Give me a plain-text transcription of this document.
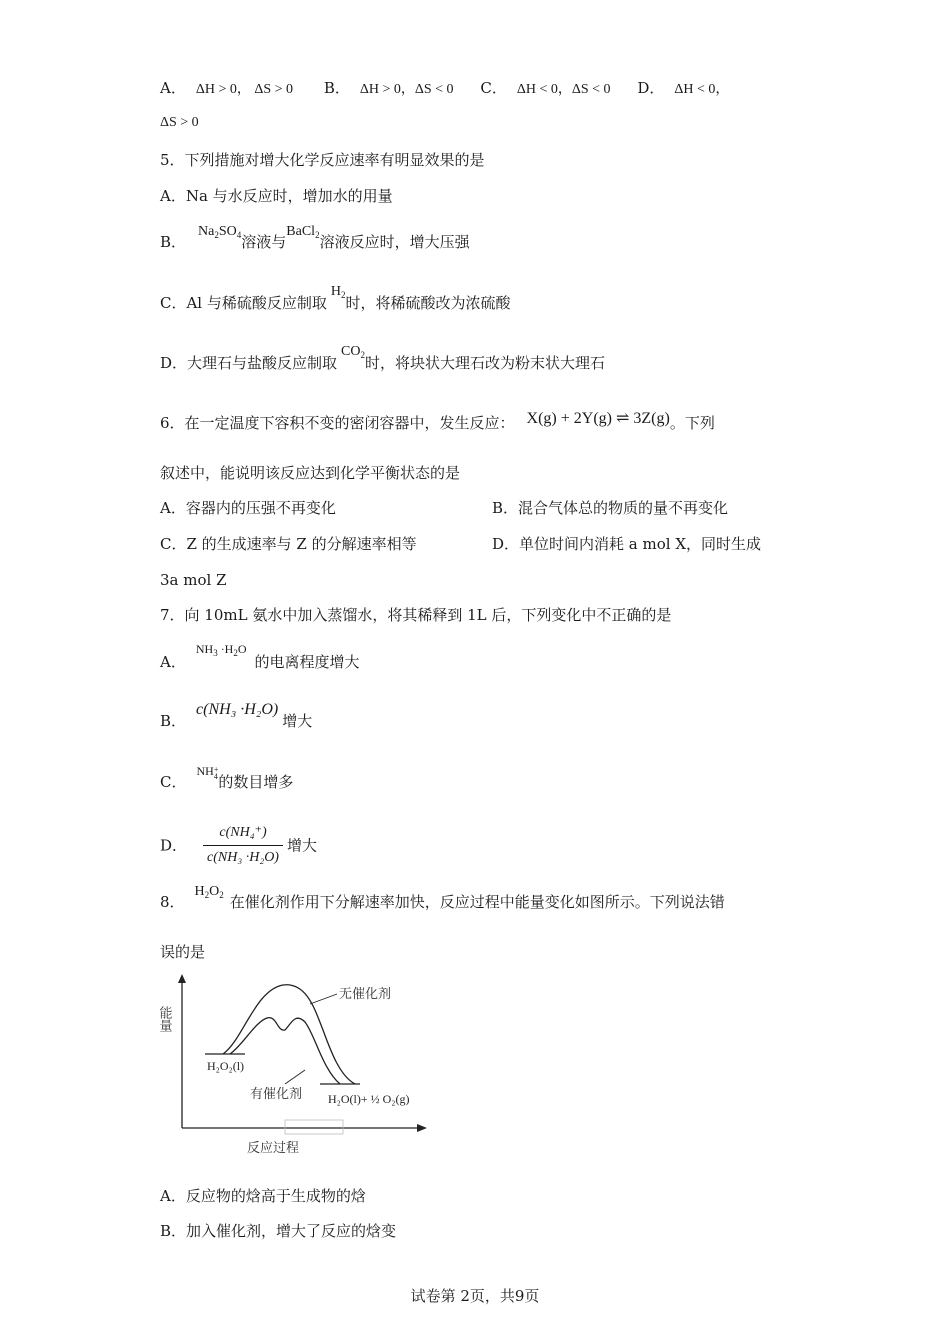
A． ΔH > 0， ΔS > 0 B． ΔH > 0，ΔS < 0 C． ΔH < 0，ΔS < 0 D． ΔH < 0，
ΔS > 0
5．下列措施对增大化学反应速率有明显效果的是
A．Na 与水反应时，增加水的用量
B．$Na_2SO_4$溶液与BaCl$_2$溶液反应时，增大压强
C．Al 与稀硫酸反应制取$H_2$时，将稀硫酸改为浓硫酸
D．大理石与盐酸反应制取$CO_2$时，将块状大理石改为粉末状大理石
6．在一定温度下容积不变的密闭容器中，发生反应： X(g) + 2Y(g) ⇌ 3Z(g)。下列
叙述中，能说明该反应达到化学平衡状态的是
A．容器内的压强不再变化	B．混合气体总的物质的量不再变化
C．Z 的生成速率与 Z 的分解速率相等	D．单位时间内消耗 a mol X，同时生成
3a mol Z
7．向 10mL 氨水中加入蒸馏水，将其稀释到 1L 后，下列变化中不正确的是
A．$NH_3 \cdot H_2O$的电离程度增大
B．c(NH₃ ·H₂O)增大
C．NH +
4 的数目增多
D． $\frac{\text{c(NH₄⁺)}}{\text{c(NH₃ ·H₂O)}}$ 增大
8．$H_2O_2$ 在催化剂作用下分解速率加快，反应过程中能量变化如图所示。下列说法错
误的是
能量
无催化剂
有催化剂
H₂O₂(l)
H₂O(l)+ ½ O₂(g)
反应过程
A．反应物的焓高于生成物的焓
B．加入催化剂，增大了反应的焓变
试卷第 2页，共9页
